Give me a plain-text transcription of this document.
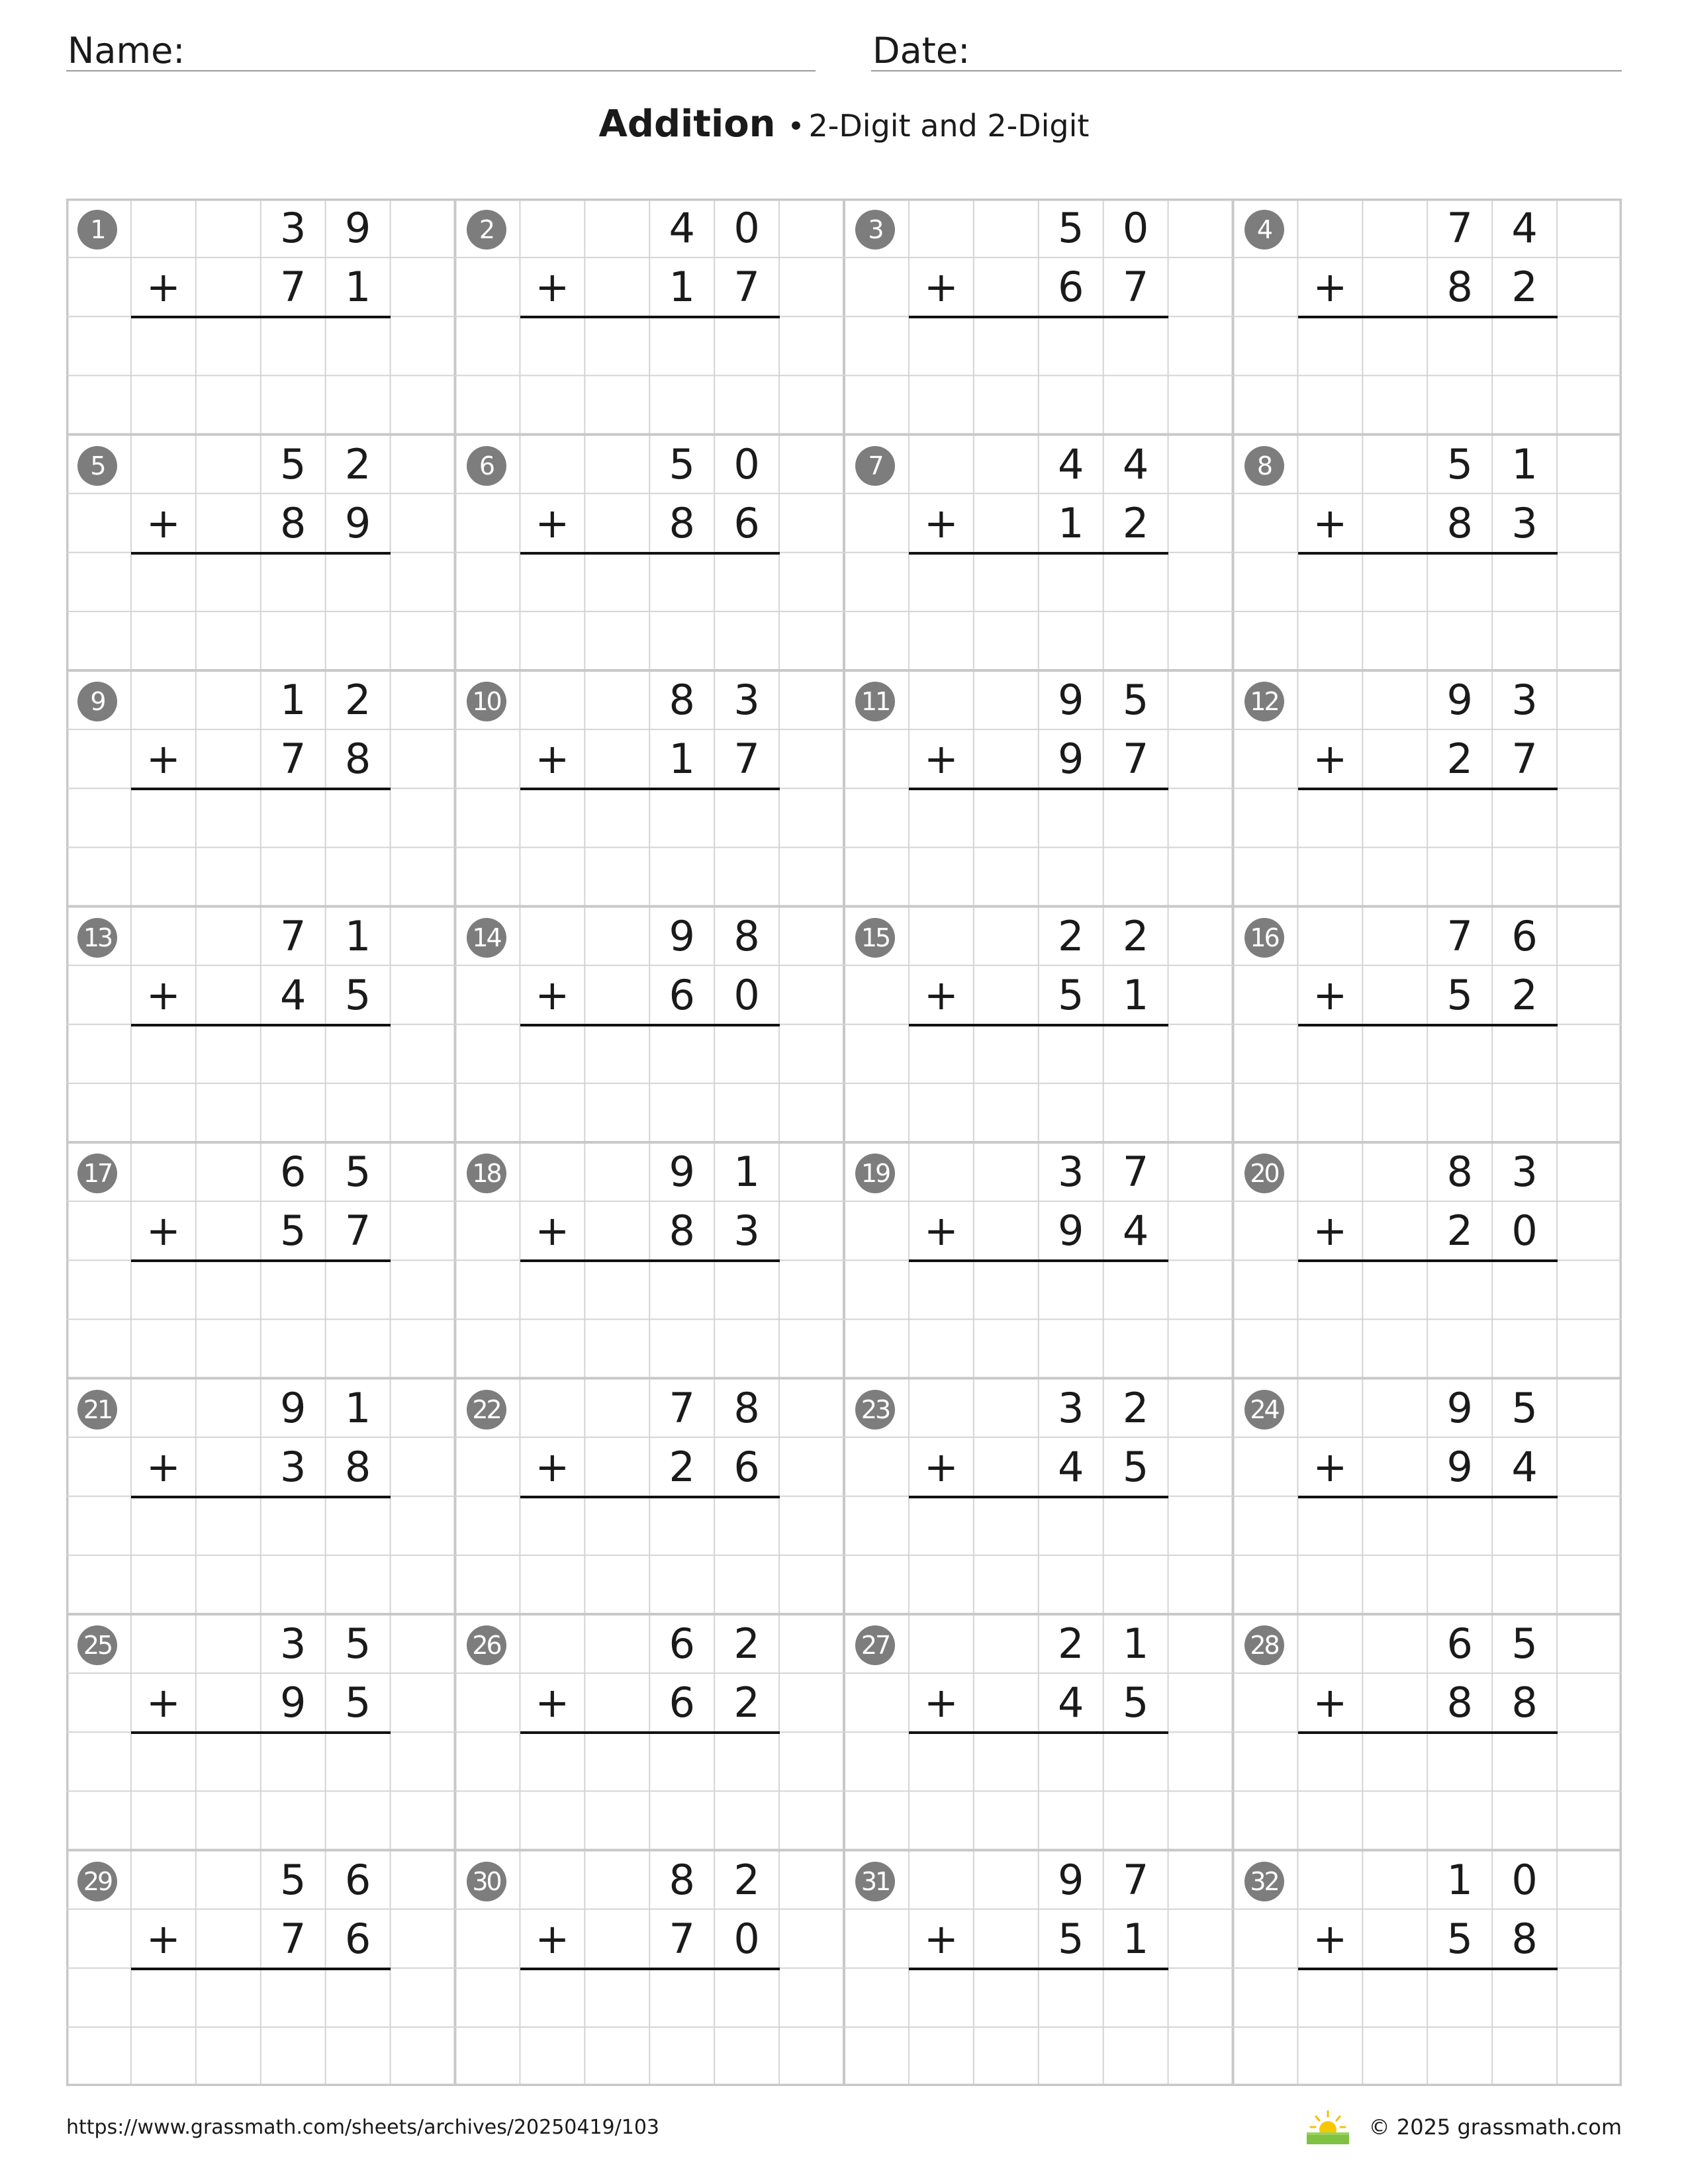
Name:	Date:
Addition • 2-Digit and 2-Digit
1	3 9
+	7 1
2	4 0
+	1 7
3	5 0
+	6 7
4	7 4
+	8 2
5	5 2
+	8 9
6	5 0
+	8 6
7	4 4
+	1 2
8	5 1
+	8 3
9	1 2
+	7 8
10	8 3
+	1 7
11	9 5
+	9 7
12	9 3
+	2 7
13	7 1
+	4 5
14	9 8
+	6 0
15	2 2
+	5 1
16	7 6
+	5 2
17	6 5
+	5 7
18	9 1
+	8 3
19	3 7
+	9 4
20	8 3
+	2 0
21	9 1
+	3 8
22	7 8
+	2 6
23	3 2
+	4 5
24	9 5
+	9 4
25	3 5
+	9 5
26	6 2
+	6 2
27	2 1
+	4 5
28	6 5
+	8 8
29	5 6
+	7 6
30	8 2
+	7 0
31	9 7
+	5 1
32	1 0
+	5 8
https://www.grassmath.com/sheets/archives/20250419/103	© 2025 grassmath.com
